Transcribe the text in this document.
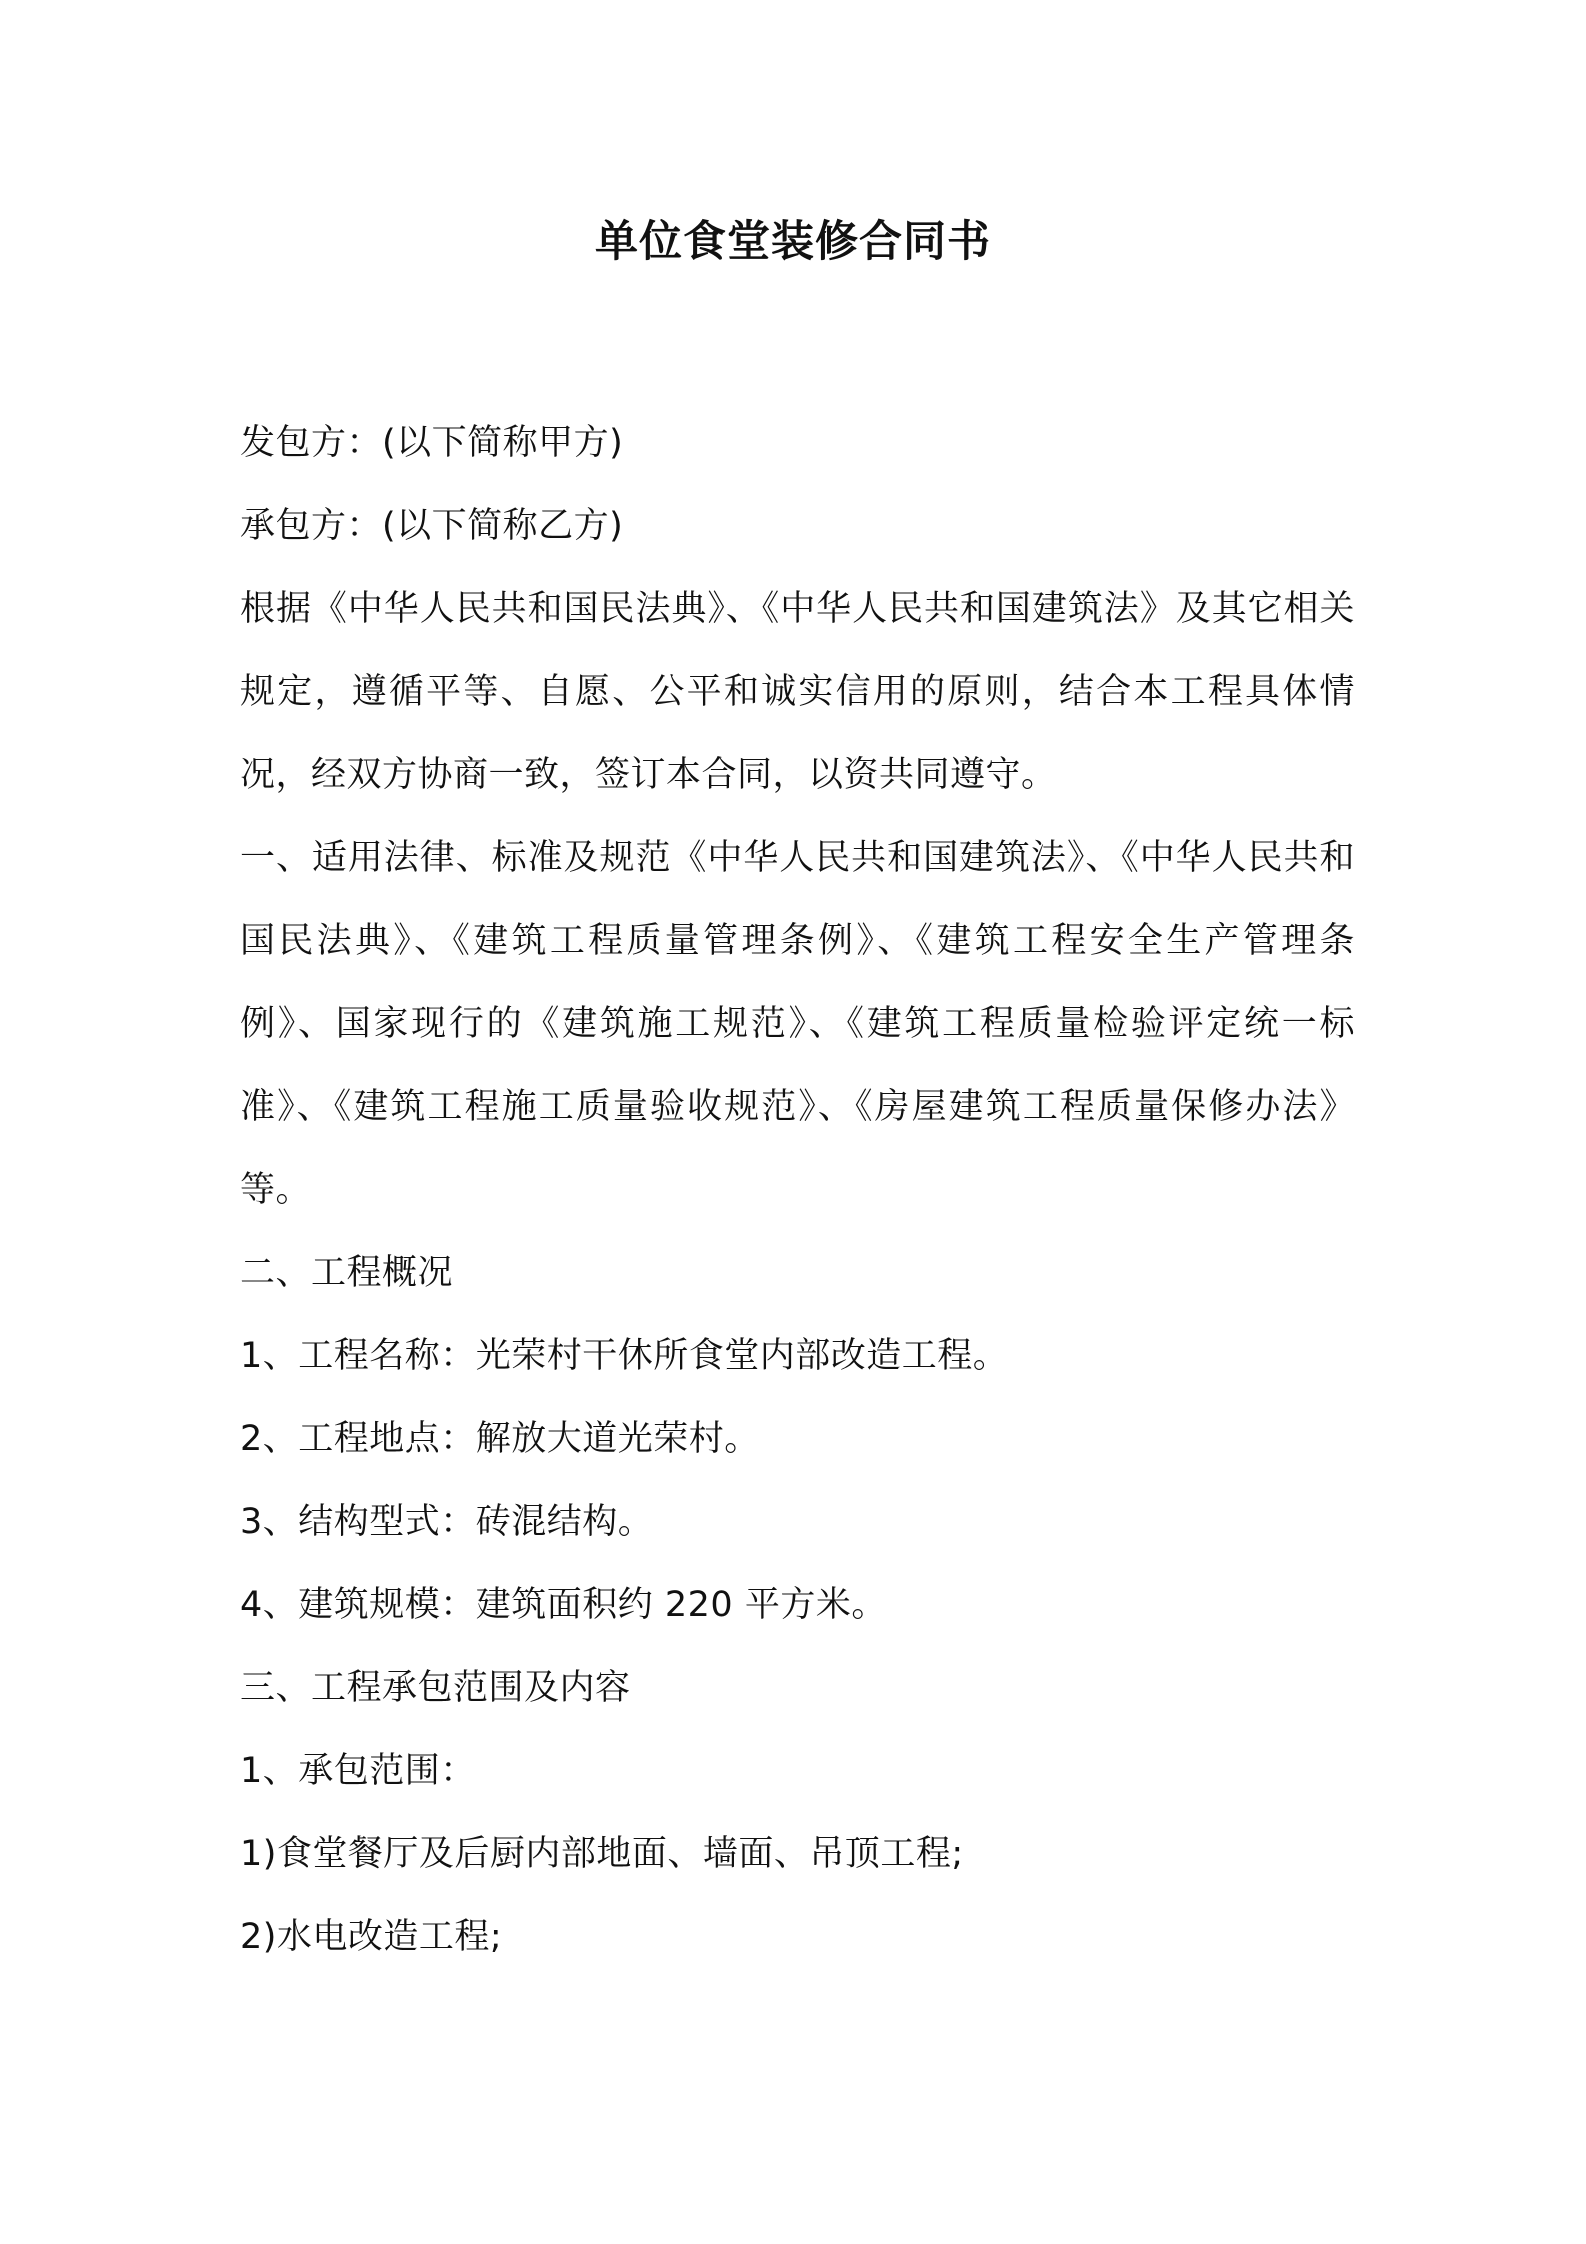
单位食堂装修合同书

发包方：(以下简称甲方)

承包方：(以下简称乙方)

根据《中华人民共和国民法典》、《中华人民共和国建筑法》及其它相关规定，遵循平等、自愿、公平和诚实信用的原则，结合本工程具体情况，经双方协商一致，签订本合同，以资共同遵守。

一、适用法律、标准及规范《中华人民共和国建筑法》、《中华人民共和国民法典》、《建筑工程质量管理条例》、《建筑工程安全生产管理条例》、国家现行的《建筑施工规范》、《建筑工程质量检验评定统一标准》、《建筑工程施工质量验收规范》、《房屋建筑工程质量保修办法》等。

二、工程概况

1、工程名称：光荣村干休所食堂内部改造工程。

2、工程地点：解放大道光荣村。

3、结构型式：砖混结构。

4、建筑规模：建筑面积约 220 平方米。

三、工程承包范围及内容

1、承包范围：

1)食堂餐厅及后厨内部地面、墙面、吊顶工程;

2)水电改造工程;
